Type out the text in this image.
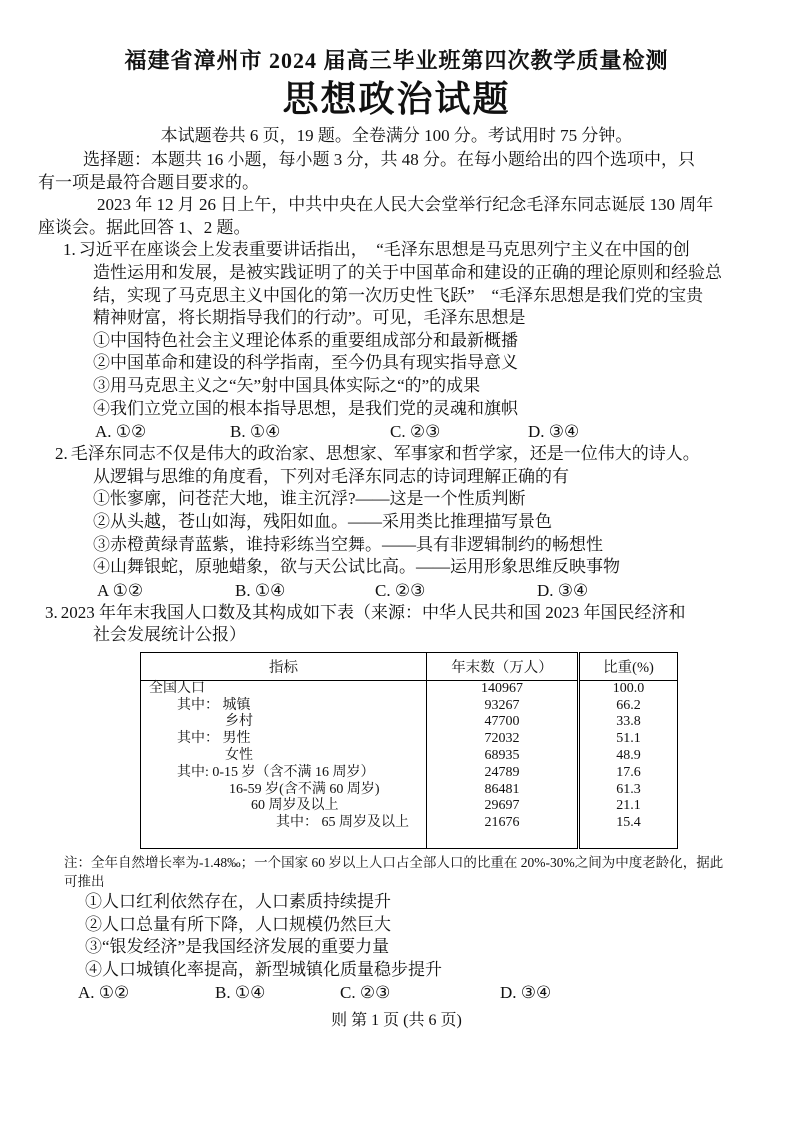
福建省漳州市 2024 届高三毕业班第四次教学质量检测
思想政治试题
本试题卷共 6 页，19 题。全卷满分 100 分。考试用时 75 分钟。
选择题：本题共 16 小题，每小题 3 分，共 48 分。在每小题给出的四个选项中，只
有一项是最符合题目要求的。
2023 年 12 月 26 日上午，中共中央在人民大会堂举行纪念毛泽东同志诞辰 130 周年
座谈会。据此回答 1、2 题。
1. 习近平在座谈会上发表重要讲话指出，　“毛泽东思想是马克思列宁主义在中国的创
造性运用和发展，是被实践证明了的关于中国革命和建设的正确的理论原则和经验总
结，实现了马克思主义中国化的第一次历史性飞跃”　“毛泽东思想是我们党的宝贵
精神财富，将长期指导我们的行动”。可见，毛泽东思想是
①中国特色社会主义理论体系的重要组成部分和最新概播
②中国革命和建设的科学指南，至今仍具有现实指导意义
③用马克思主义之“矢”射中国具体实际之“的”的成果
④我们立党立国的根本指导思想，是我们党的灵魂和旗帜
A. ①②	B. ①④	C. ②③	D. ③④
2. 毛泽东同志不仅是伟大的政治家、思想家、军事家和哲学家，还是一位伟大的诗人。
从逻辑与思维的角度看，下列对毛泽东同志的诗词理解正确的有
①怅寥廓，问苍茫大地，谁主沉浮?——这是一个性质判断
②从头越，苍山如海，残阳如血。——采用类比推理描写景色
③赤橙黄绿青蓝紫，谁持彩练当空舞。——具有非逻辑制约的畅想性
④山舞银蛇，原驰蜡象，欲与天公试比高。——运用形象思维反映事物
A ①②	B. ①④	C. ②③	D. ③④
3. 2023 年年末我国人口数及其构成如下表（来源：中华人民共和国 2023 年国民经济和
社会发展统计公报）
指标	年末数（万人）	比重(%)
全国人口	140967	100.0
其中： 城镇	93267	66.2
乡村	47700	33.8
其中： 男性	72032	51.1
女性	68935	48.9
其中: 0-15 岁（含不满 16 周岁）	24789	17.6
16-59 岁(含不满 60 周岁)	86481	61.3
60 周岁及以上	29697	21.1
其中： 65 周岁及以上	21676	15.4

注：全年自然增长率为-1.48‰；一个国家 60 岁以上人口占全部人口的比重在 20%-30%之间为中度老龄化，据此
可推出
①人口红利依然存在，人口素质持续提升
②人口总量有所下降，人口规模仍然巨大
③“银发经济”是我国经济发展的重要力量
④人口城镇化率提高，新型城镇化质量稳步提升
A. ①②	B. ①④	C. ②③	D. ③④
则 第 1 页 (共 6 页)
